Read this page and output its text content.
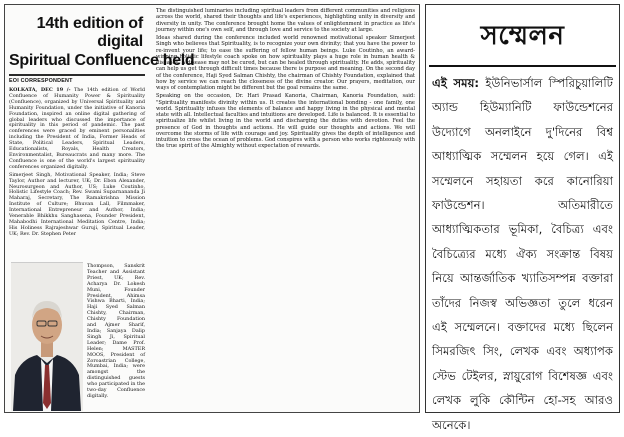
14th edition of digital
Spiritual Confluence held
EOI CORRESPONDENT

KOLKATA, DEC 19 /- The 14th edition of World Confluence of Humanity Power & Spirituality (Confluence), organized by Universal Spirituality and Humanity Foundation, under the initiative of Kanoria Foundation, inspired an online digital gathering of global leaders who discussed the importance of spirituality in this period of pandemic. The past conferences were graced by eminent personalities including the President of India, Former Heads of State, Political Leaders, Spiritual Leaders, Educationalists, Royals, Health Creators, Environmentalist, Bureaucrats and many more. The Confluence is one of the world's largest spirituality conferences organized digitally.

Simerjeet Singh, Motivational Speaker, India; Steve Taylor, Author and lecturer, UK; Dr. Ebon Alexander, Neurosurgeon and Author, US; Luke Coutinho, Holistic Lifestyle Coach; Rev. Swami Suparnananda Ji Maharaj, Secretary, The Ramakrishna Mission Institute of Culture; Bhuvan Lall, Filmmaker, International Entrepreneur and Author, India; Venerable Bhikkhu Sanghasena, Founder President, Mahabodhi International Meditation Centre, India; His Holiness Rajrajeshwar Guruji, Spiritual Leader, UK; Rev. Dr. Stephen Peter

Thompson, Sanskrit Teacher and Assistant Priest, UK; Rev. Acharya Dr. Lokesh Muni, Founder President, Ahimsa Vishwa Bharti, India; Haji Syed Salman Chishty, Chairman, Chishty Foundation and Ajmer Sharif, India; Sanjaya Dalip Singh Ji, Spiritual Leader; Dame Prof. Helen; MASTER MOOS, President of Zoroastrian College, Mumbai, India; were amongst the distinguished guests who participated in the two-day Confluence digitally.

The distinguished luminaries including spiritual leaders from different communities and religions across the world, shared their thoughts and life's experiences, highlighting unity in diversity and diversity in unity. The conference brought home the values of enlightenment in practice as life's journey within one's own self, and through love and service to the society at large.

Ideas shared during the conference included world renowned motivational speaker Simerjeet Singh who believes that Spirituality, is to recognize your own divinity; that you have the power to re-invent your life; to ease the suffering of fellow human beings. Luke Coutinho, an award-winning holistic lifestyle coach spoke on how spirituality plays a huge role in human health & diseases. A disease may not be cured, but can be healed through spirituality. He adds, spirituality can help us get through difficult times because there is purpose and meaning. On the second day of the conference, Haji Syed Salman Chishty, the chairman of Chishty Foundation, explained that how by service we can reach the closeness of the divine creator. Our prayers, meditation, our ways of contemplation might be different but the goal remains the same.

Speaking on the occasion, Dr. Hari Prasad Kanoria, Chairman, Kanoria Foundation, said: "Spirituality manifests divinity within us. It creates the international bonding - one family, one world. Spirituality infuses the elements of balance and happy living in the physical and mental state with all. Intellectual faculties and intuitions are developed. Life is balanced. It is essential to spiritualize life whilst living in the world and discharging the duties with devotion. Feel the presence of God in thoughts and actions. He will guide our thoughts and actions. We will overcome the storms of life with courage and joy. Spirituality gives the depth of intelligence and intuition to cross the ocean of problems. God conspires with a person who works righteously with the true spirit of the Almighty without expectation of rewards.

সম্মেলন

এই সময়: ইউনিভার্সাল স্পিরিচুয়ালিটি অ্যান্ড হিউম্যানিটি ফাউন্ডেশনের উদ্যোগে অনলাইনে দু'দিনের বিশ্ব আধ্যাত্মিক সম্মেলন হয়ে গেল। এই সম্মেলনে সহায়তা করে কানোরিয়া ফাউন্ডেশন। অতিমারীতে আধ্যাত্মিকতার ভূমিকা, বৈচিত্র্য এবং বৈচিত্র্যের মধ্যে ঐক্য সংক্রান্ত বিষয় নিয়ে আন্তর্জাতিক খ্যাতিসম্পন্ন বক্তারা তাঁদের নিজস্ব অভিজ্ঞতা তুলে ধরেন এই সম্মেলনে। বক্তাদের মধ্যে ছিলেন সিমরজিৎ সিং, লেখক এবং অধ্যাপক স্টেভ টেইলর, স্নায়ুরোগ বিশেষজ্ঞ এবং লেখক লুকি কৌন্টিন হো-সহ আরও অনেকে।
